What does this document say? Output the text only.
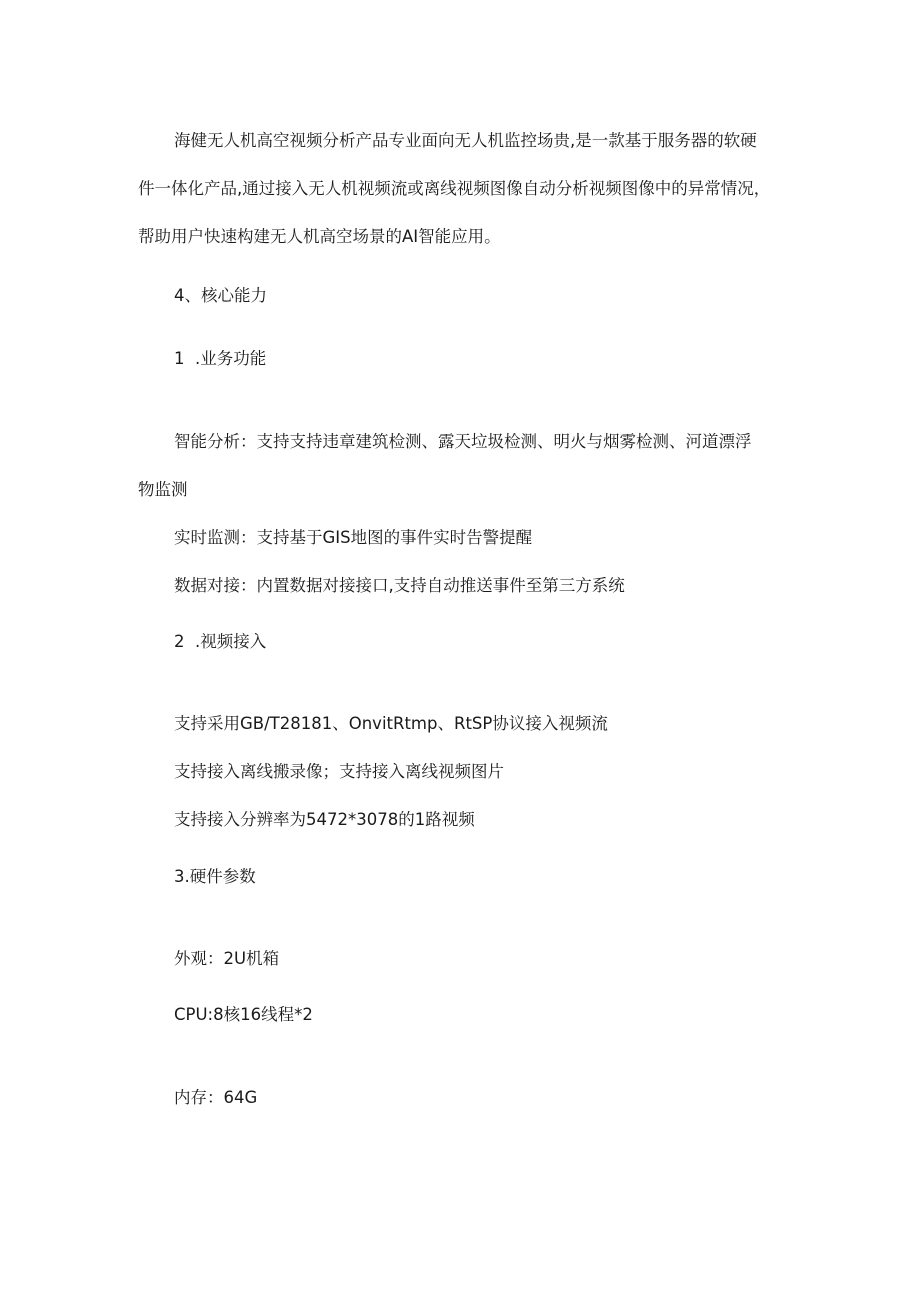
海健无人机高空视频分析产品专业面向无人机监控场贵,是一款基于服务器的软硬
件一体化产品,通过接入无人机视频流或离线视频图像自动分析视频图像中的异常情况，
帮助用户快速构建无人机高空场景的AI智能应用。
4、核心能力
1  .业务功能
智能分析：支持支持违章建筑检测、露天垃圾检测、明火与烟雾检测、河道漂浮
物监测
实时监测：支持基于GIS地图的事件实时告警提醒
数据对接：内置数据对接接口,支持自动推送事件至第三方系统
2  .视频接入
支持采用GB/T28181、OnvitRtmp、RtSP协议接入视频流
支持接入离线搬录像；支持接入离线视频图片
支持接入分辨率为5472*3078的1路视频
3.硬件参数
外观：2U机箱
CPU:8核16线程*2
内存：64G
